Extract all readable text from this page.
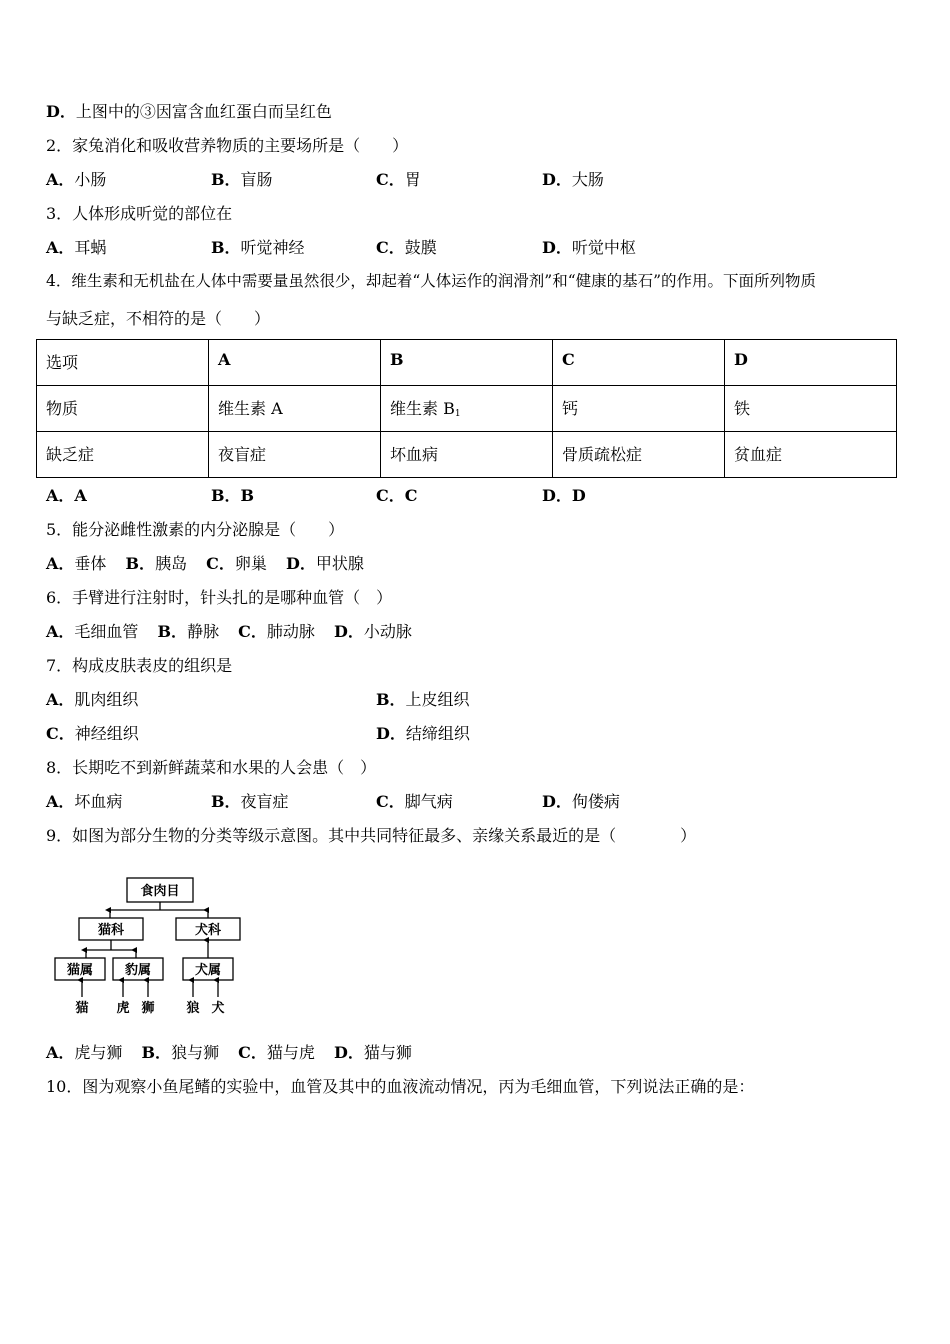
D．上图中的③因富含血红蛋白而呈红色
2．家兔消化和吸收营养物质的主要场所是（　　）
A．小肠	B．盲肠	C．胃	D．大肠
3．人体形成听觉的部位在
A．耳蜗	B．听觉神经	C．鼓膜	D．听觉中枢
4．维生素和无机盐在人体中需要量虽然很少，却起着“人体运作的润滑剂”和“健康的基石”的作用。下面所列物质
与缺乏症，不相符的是（　　）
选项	A	B	C	D
物质	维生素 A	维生素 $B_1$	钙	铁
缺乏症	夜盲症	坏血病	骨质疏松症	贫血症
A．A	B．B	C．C	D．D
5．能分泌雌性激素的内分泌腺是（　　）
A．垂体 B．胰岛 C．卵巢 D．甲状腺
6．手臂进行注射时，针头扎的是哪种血管（　）
A．毛细血管 B．静脉 C．肺动脉 D．小动脉
7．构成皮肤表皮的组织是
A．肌肉组织	B．上皮组织
C．神经组织	D．结缔组织
8．长期吃不到新鲜蔬菜和水果的人会患（　）
A．坏血病	B．夜盲症	C．脚气病	D．佝偻病
9．如图为部分生物的分类等级示意图。其中共同特征最多、亲缘关系最近的是（　　　　）
食肉目
猫科	犬科
猫属 豹属	犬属
猫 虎 狮 狼 犬
A．虎与狮 B．狼与狮 C．猫与虎 D．猫与狮
10．图为观察小鱼尾鳍的实验中，血管及其中的血液流动情况，丙为毛细血管，下列说法正确的是：
